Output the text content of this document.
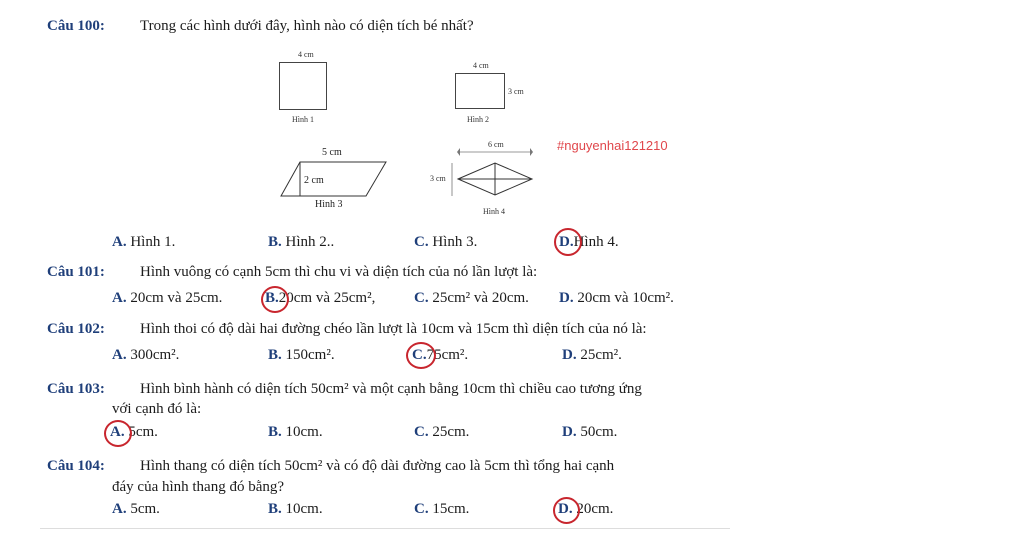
Câu 100: Trong các hình dưới đây, hình nào có diện tích bé nhất?
4 cm
Hình 1
4 cm
3 cm
Hình 2
5 cm
2 cm
Hình 3
6 cm
3 cm
Hình 4
#nguyenhai121210
A. Hình 1.	B. Hình 2..	C. Hình 3.	D.Hình 4.
Câu 101: Hình vuông có cạnh 5cm thì chu vi và diện tích của nó lần lượt là:
A. 20cm và 25cm.	B.20cm và 25cm²,	C. 25cm² và 20cm. D. 20cm và 10cm².
Câu 102: Hình thoi có độ dài hai đường chéo lần lượt là 10cm và 15cm thì diện tích của nó là:
A. 300cm².	B. 150cm².	C.75cm².	D. 25cm².
Câu 103: Hình bình hành có diện tích 50cm² và một cạnh bằng 10cm thì chiều cao tương ứng
với cạnh đó là:
A. 5cm.	B. 10cm.	C. 25cm.	D. 50cm.
Câu 104: Hình thang có diện tích 50cm² và có độ dài đường cao là 5cm thì tổng hai cạnh
đáy của hình thang đó bằng?
A. 5cm.	B. 10cm.	C. 15cm.	D. 20cm.
